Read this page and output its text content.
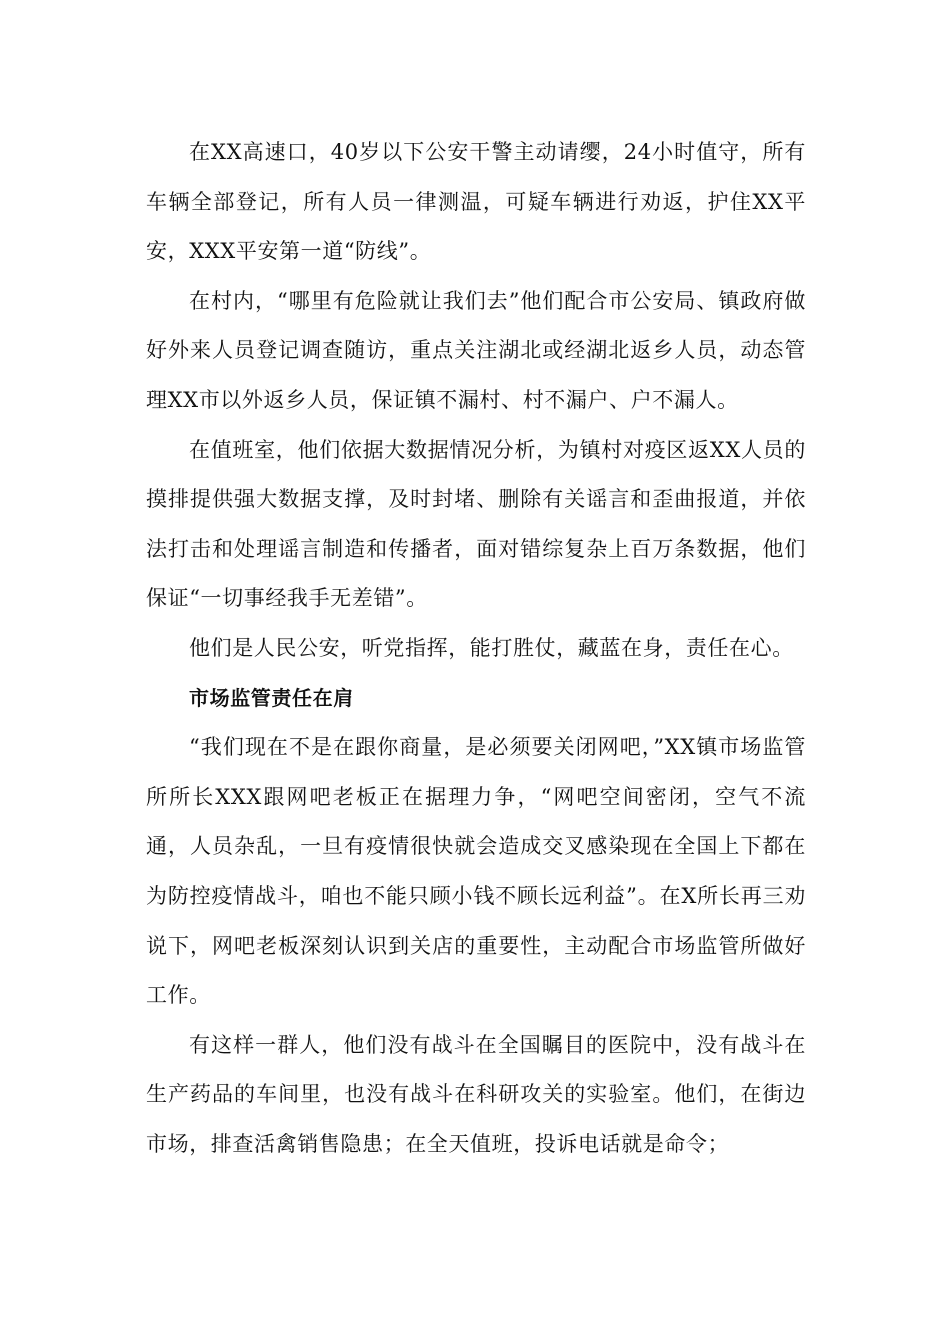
在XX高速口，40岁以下公安干警主动请缨，24小时值守，所有车辆全部登记，所有人员一律测温，可疑车辆进行劝返，护住XX平安，XXX平安第一道“防线”。

在村内，“哪里有危险就让我们去”他们配合市公安局、镇政府做好外来人员登记调查随访，重点关注湖北或经湖北返乡人员，动态管理XX市以外返乡人员，保证镇不漏村、村不漏户、户不漏人。

在值班室，他们依据大数据情况分析，为镇村对疫区返XX人员的摸排提供强大数据支撑，及时封堵、删除有关谣言和歪曲报道，并依法打击和处理谣言制造和传播者，面对错综复杂上百万条数据，他们保证“一切事经我手无差错”。

他们是人民公安，听党指挥，能打胜仗，藏蓝在身，责任在心。

市场监管责任在肩

“我们现在不是在跟你商量，是必须要关闭网吧，”XX镇市场监管所所长XXX跟网吧老板正在据理力争，“网吧空间密闭，空气不流通，人员杂乱，一旦有疫情很快就会造成交叉感染现在全国上下都在为防控疫情战斗，咱也不能只顾小钱不顾长远利益”。在X所长再三劝说下，网吧老板深刻认识到关店的重要性，主动配合市场监管所做好工作。

有这样一群人，他们没有战斗在全国瞩目的医院中，没有战斗在生产药品的车间里，也没有战斗在科研攻关的实验室。他们，在街边市场，排查活禽销售隐患；在全天值班，投诉电话就是命令；
